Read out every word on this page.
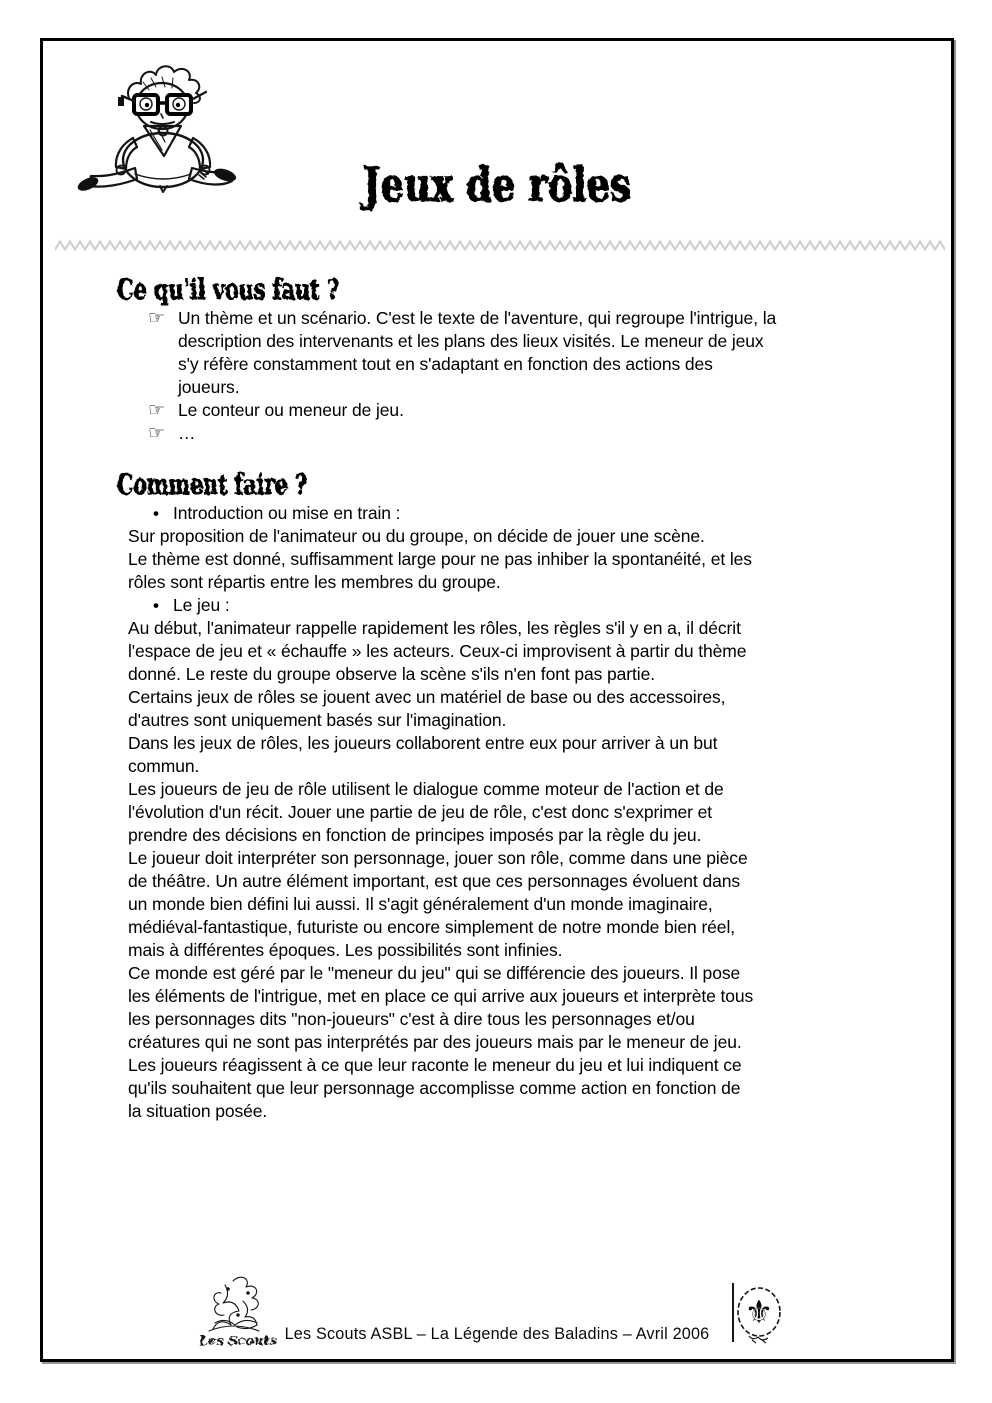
Jeux de rôles
Ce qu'il vous faut ?
☞ Un thème et un scénario. C'est le texte de l'aventure, qui regroupe l'intrigue, la
description des intervenants et les plans des lieux visités. Le meneur de jeux
s'y réfère constamment tout en s'adaptant en fonction des actions des
joueurs.
☞ Le conteur ou meneur de jeu.
☞ …
Comment faire ?
• Introduction ou mise en train :
Sur proposition de l'animateur ou du groupe, on décide de jouer une scène.
Le thème est donné, suffisamment large pour ne pas inhiber la spontanéité, et les
rôles sont répartis entre les membres du groupe.
• Le jeu :
Au début, l'animateur rappelle rapidement les rôles, les règles s'il y en a, il décrit
l'espace de jeu et « échauffe » les acteurs. Ceux-ci improvisent à partir du thème
donné. Le reste du groupe observe la scène s'ils n'en font pas partie.
Certains jeux de rôles se jouent avec un matériel de base ou des accessoires,
d'autres sont uniquement basés sur l'imagination.
Dans les jeux de rôles, les joueurs collaborent entre eux pour arriver à un but
commun.
Les joueurs de jeu de rôle utilisent le dialogue comme moteur de l'action et de
l'évolution d'un récit. Jouer une partie de jeu de rôle, c'est donc s'exprimer et
prendre des décisions en fonction de principes imposés par la règle du jeu.
Le joueur doit interpréter son personnage, jouer son rôle, comme dans une pièce
de théâtre. Un autre élément important, est que ces personnages évoluent dans
un monde bien défini lui aussi. Il s'agit généralement d'un monde imaginaire,
médiéval-fantastique, futuriste ou encore simplement de notre monde bien réel,
mais à différentes époques. Les possibilités sont infinies.
Ce monde est géré par le "meneur du jeu" qui se différencie des joueurs. Il pose
les éléments de l'intrigue, met en place ce qui arrive aux joueurs et interprète tous
les personnages dits "non-joueurs" c'est à dire tous les personnages et/ou
créatures qui ne sont pas interprétés par des joueurs mais par le meneur de jeu.
Les joueurs réagissent à ce que leur raconte le meneur du jeu et lui indiquent ce
qu'ils souhaitent que leur personnage accomplisse comme action en fonction de
la situation posée.
Les Scouts Les Scouts ASBL – La Légende des Baladins – Avril 2006
⚜
